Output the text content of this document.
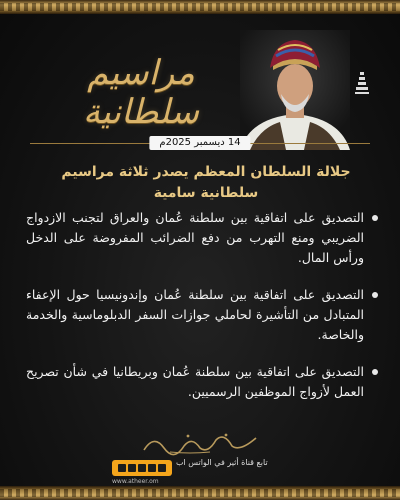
مراسيم سلطانية
14 ديسمبر 2025م
جلالة السلطان المعظم يصدر ثلاثة مراسيم سلطانية سامية
التصديق على اتفاقية بين سلطنة عُمان والعراق لتجنب الازدواج الضريبي ومنع التهرب من دفع الضرائب المفروضة على الدخل ورأس المال.
التصديق على اتفاقية بين سلطنة عُمان وإندونيسيا حول الإعفاء المتبادل من التأشيرة لحاملي جوازات السفر الدبلوماسية والخدمة والخاصة.
التصديق على اتفاقية بين سلطنة عُمان وبريطانيا في شأن تصريح العمل لأزواج الموظفين الرسميين.
تابع قناة أثير في الواتس اب
www.atheer.om
